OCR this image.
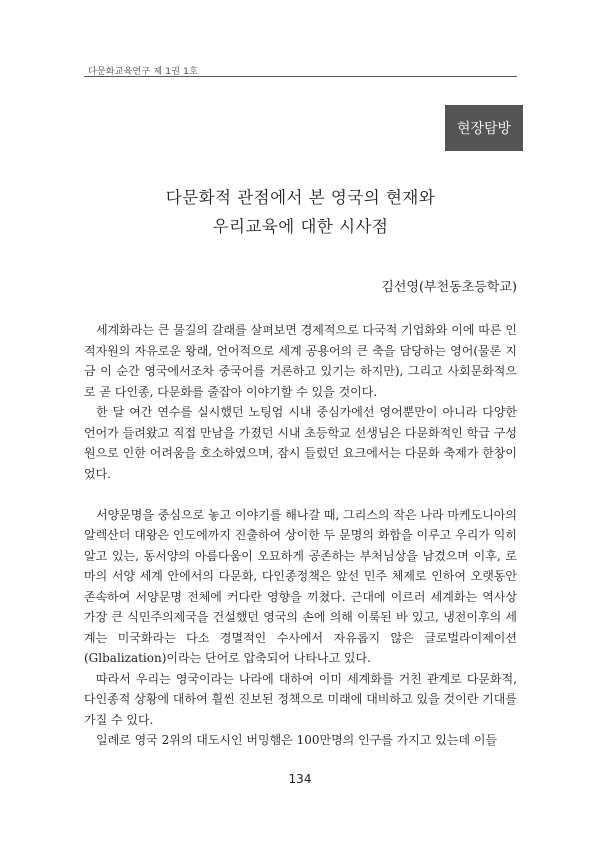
다문화교육연구 제 1권 1호
현장탐방
다문화적 관점에서 본 영국의 현재와
우리교육에 대한 시사점
김선영(부천동초등학교)

세계화라는 큰 물길의 갈래를 살펴보면 경제적으로 다국적 기업화와 이에 따른 인적자원의 자유로운 왕래, 언어적으로 세계 공용어의 큰 축을 담당하는 영어(물론 지금 이 순간 영국에서조차 중국어를 거론하고 있기는 하지만), 그리고 사회문화적으로 곧 다인종, 다문화를 줄잡아 이야기할 수 있을 것이다.

한 달 여간 연수를 실시했던 노팅엄 시내 중심가에선 영어뿐만이 아니라 다양한 언어가 들려왔고 직접 만남을 가졌던 시내 초등학교 선생님은 다문화적인 학급 구성원으로 인한 어려움을 호소하였으며, 잠시 들렀던 요크에서는 다문화 축제가 한창이었다.

서양문명을 중심으로 놓고 이야기를 해나갈 때, 그리스의 작은 나라 마케도니아의 알렉산더 대왕은 인도에까지 진출하여 상이한 두 문명의 화합을 이루고 우리가 익히 알고 있는, 동서양의 아름다움이 오묘하게 공존하는 부처님상을 남겼으며 이후, 로마의 서양 세계 안에서의 다문화, 다인종정책은 앞선 민주 체제로 인하여 오랫동안 존속하여 서양문명 전체에 커다란 영향을 끼쳤다. 근대에 이르러 세계화는 역사상 가장 큰 식민주의제국을 건설했던 영국의 손에 의해 이룩된 바 있고, 냉전이후의 세계는 미국화라는 다소 경멸적인 수사에서 자유롭지 않은 글로벌라이제이션(Glbalization)이라는 단어로 압축되어 나타나고 있다.

따라서 우리는 영국이라는 나라에 대하여 이미 세계화를 거친 관계로 다문화적, 다인종적 상황에 대하여 훨씬 진보된 정책으로 미래에 대비하고 있을 것이란 기대를 가질 수 있다.

일례로 영국 2위의 대도시인 버밍햄은 100만명의 인구를 가지고 있는데 이들

134
